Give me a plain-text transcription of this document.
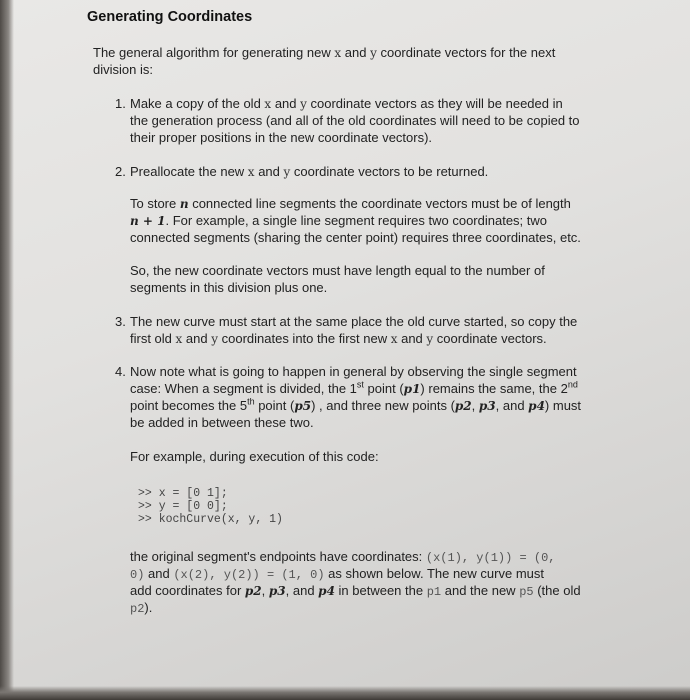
Generating Coordinates
The general algorithm for generating new x and y coordinate vectors for the next
division is:
1. Make a copy of the old x and y coordinate vectors as they will be needed in
the generation process (and all of the old coordinates will need to be copied to
their proper positions in the new coordinate vectors).
2. Preallocate the new x and y coordinate vectors to be returned.
To store n connected line segments the coordinate vectors must be of length
n + 1. For example, a single line segment requires two coordinates; two
connected segments (sharing the center point) requires three coordinates, etc.
So, the new coordinate vectors must have length equal to the number of
segments in this division plus one.
3. The new curve must start at the same place the old curve started, so copy the
first old x and y coordinates into the first new x and y coordinate vectors.
4. Now note what is going to happen in general by observing the single segment
case: When a segment is divided, the 1st point (p1) remains the same, the 2nd
point becomes the 5th point (p5) , and three new points (p2, p3, and p4) must
be added in between these two.
For example, during execution of this code:
>> x = [0 1];
>> y = [0 0];
>> kochCurve(x, y, 1)
the original segment's endpoints have coordinates: (x(1), y(1)) = (0,
0) and (x(2), y(2)) = (1, 0) as shown below. The new curve must
add coordinates for p2, p3, and p4 in between the p1 and the new p5 (the old
p2).
